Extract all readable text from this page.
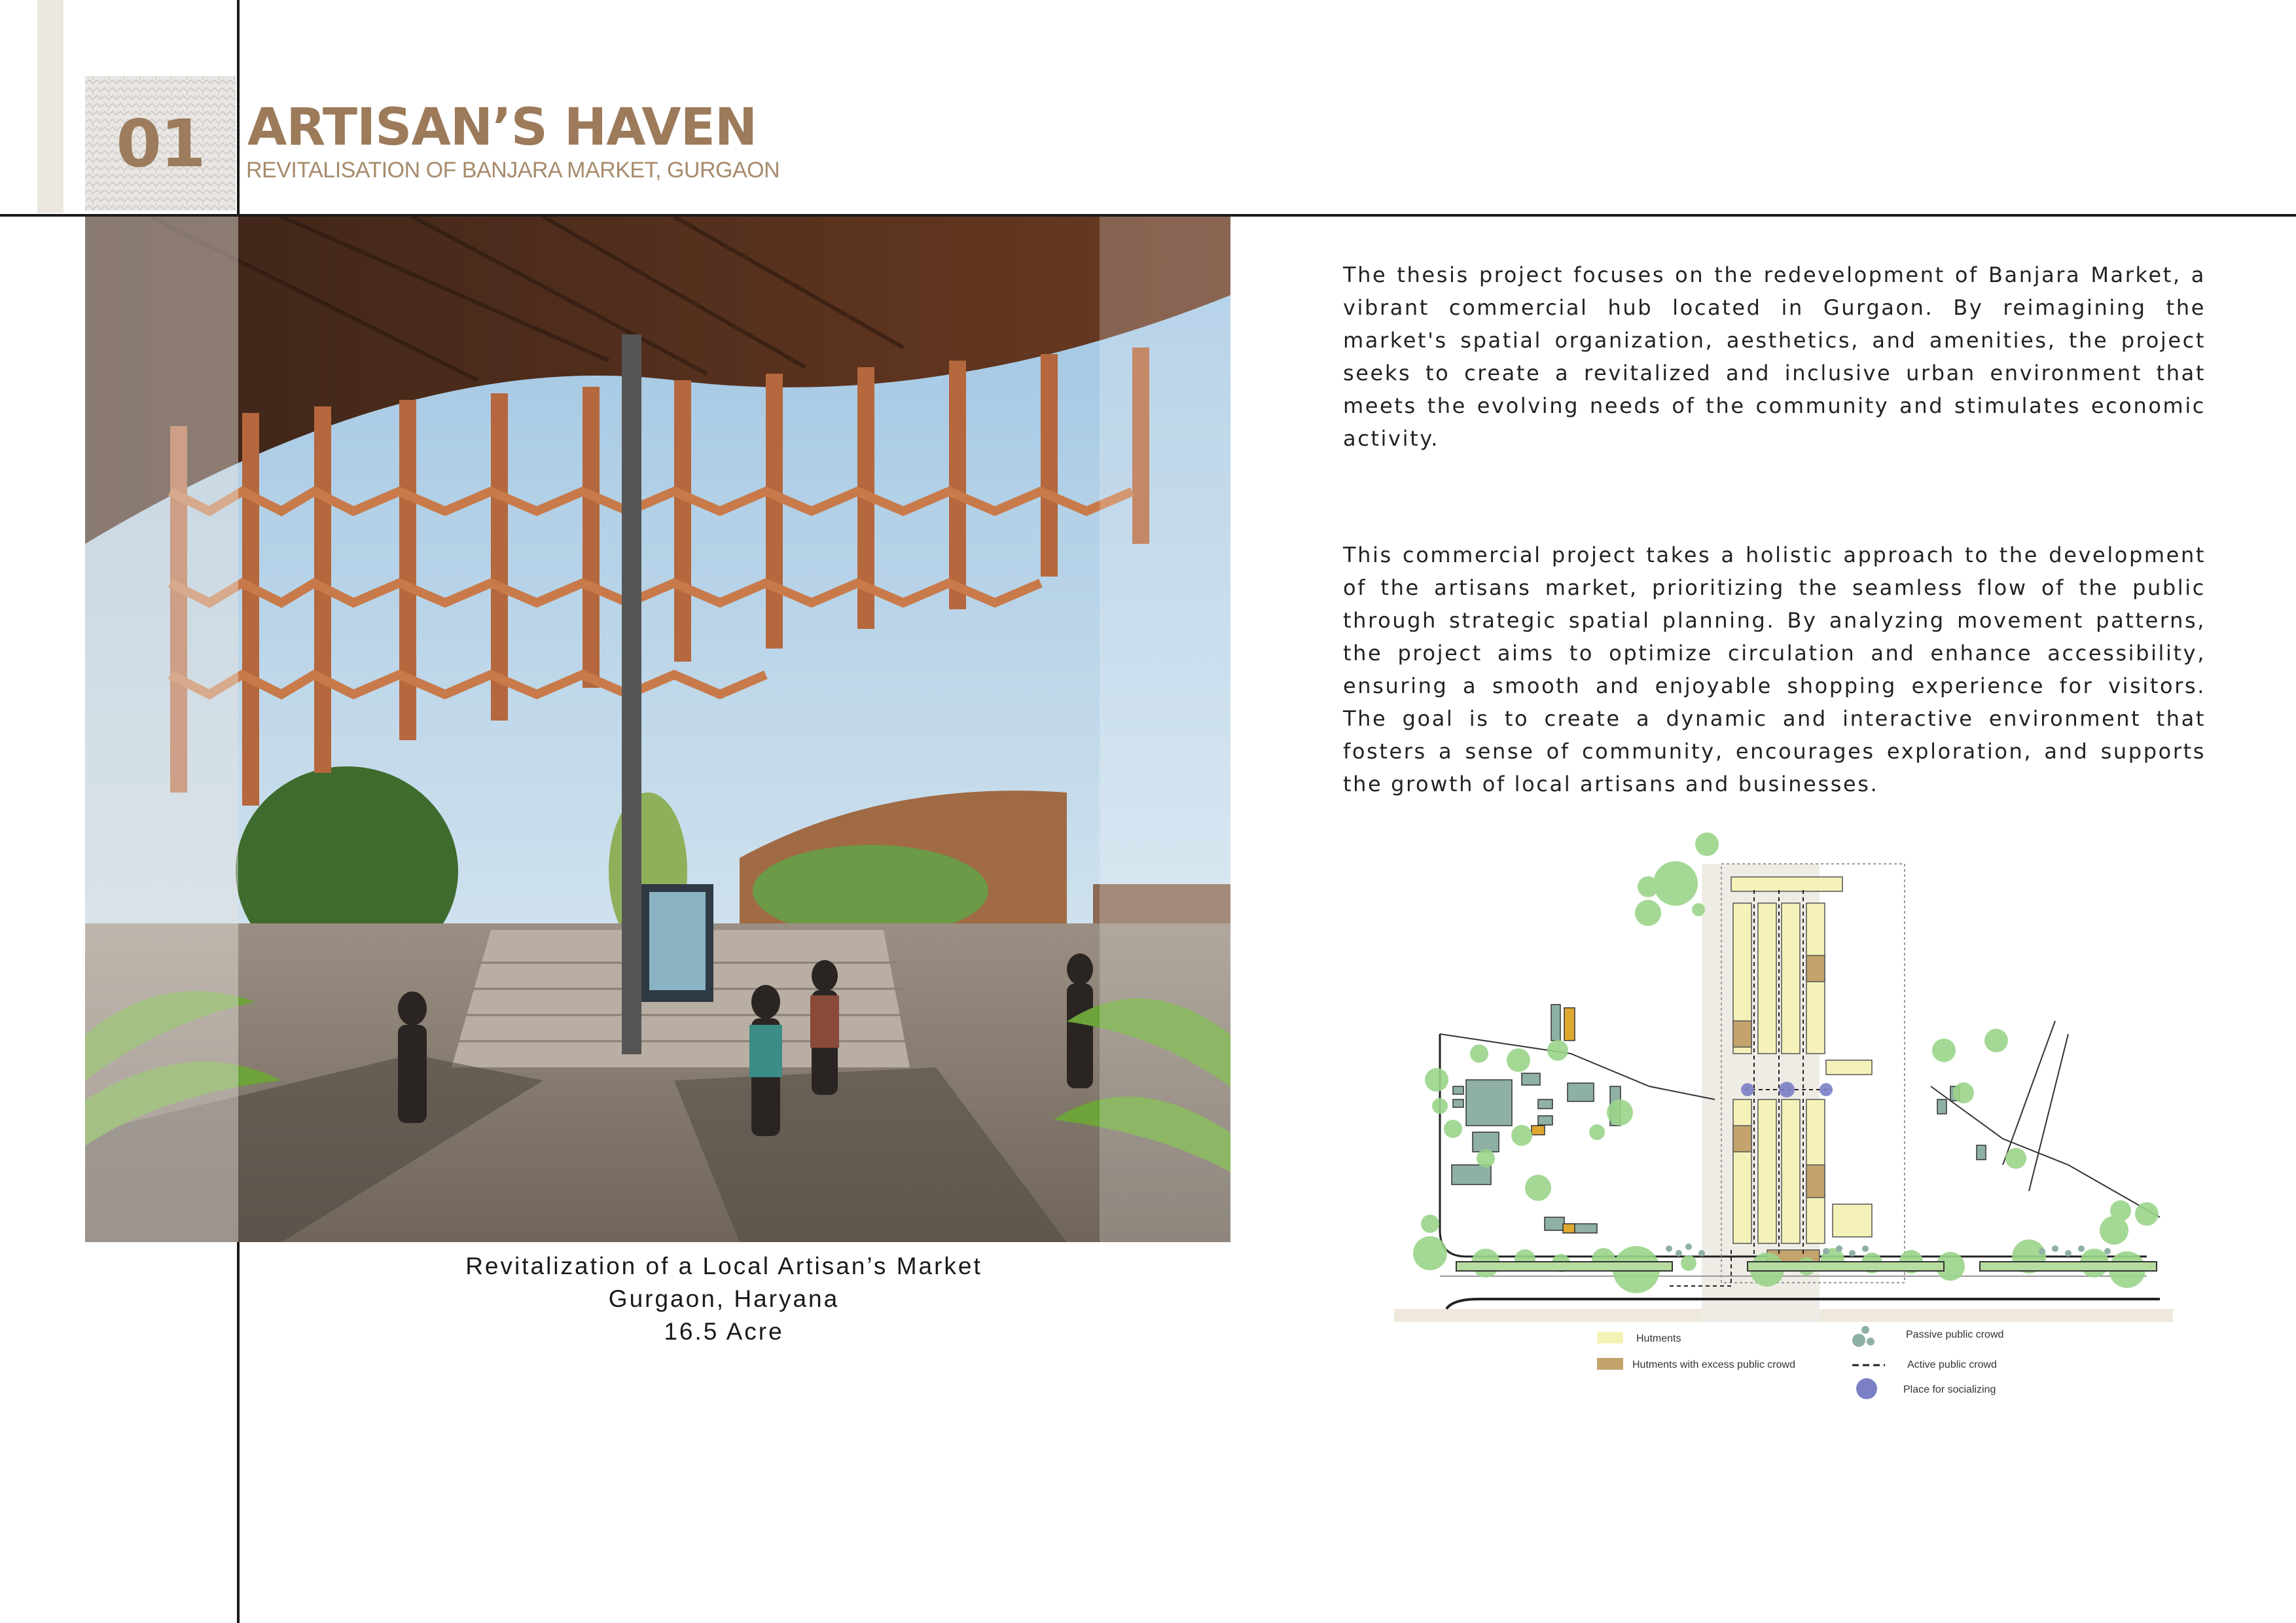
01 ARTISAN’S HAVEN
REVITALISATION OF BANJARA MARKET, GURGAON
Revitalization of a Local Artisan’s Market
Gurgaon, Haryana
16.5 Acre
The thesis project focuses on the redevelopment of Banjara Market, a vibrant commercial hub located in Gurgaon. By reimagining the market's spatial organization, aesthetics, and amenities, the project seeks to create a revitalized and inclusive urban environment that meets the evolving needs of the community and stimulates economic activity.
This commercial project takes a holistic approach to the development of the artisans market, prioritizing the seamless flow of the public through strategic spatial planning. By analyzing movement patterns, the project aims to optimize circulation and enhance accessibility, ensuring a smooth and enjoyable shopping experience for visitors. The goal is to create a dynamic and interactive environment that fosters a sense of community, encourages exploration, and supports the growth of local artisans and businesses.
Hutments
Hutments with excess public crowd
Passive public crowd
Active public crowd
Place for socializing
